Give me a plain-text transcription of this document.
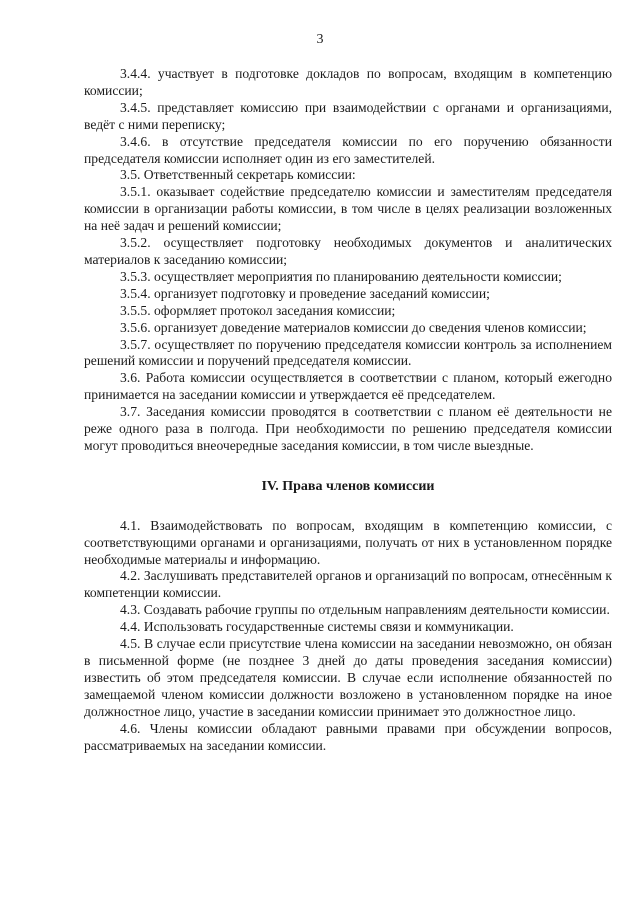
3

3.4.4. участвует в подготовке докладов по вопросам, входящим в компетенцию комиссии;

3.4.5. представляет комиссию при взаимодействии с органами и организациями, ведёт с ними переписку;

3.4.6. в отсутствие председателя комиссии по его поручению обязанности председателя комиссии исполняет один из его заместителей.

3.5. Ответственный секретарь комиссии:

3.5.1. оказывает содействие председателю комиссии и заместителям председателя комиссии в организации работы комиссии, в том числе в целях реализации возложенных на неё задач и решений комиссии;

3.5.2. осуществляет подготовку необходимых документов и аналитических материалов к заседанию комиссии;

3.5.3. осуществляет мероприятия по планированию деятельности комиссии;

3.5.4. организует подготовку и проведение заседаний комиссии;

3.5.5. оформляет протокол заседания комиссии;

3.5.6. организует доведение материалов комиссии до сведения членов комиссии;

3.5.7. осуществляет по поручению председателя комиссии контроль за исполнением решений комиссии и поручений председателя комиссии.

3.6. Работа комиссии осуществляется в соответствии с планом, который ежегодно принимается на заседании комиссии и утверждается её председателем.

3.7. Заседания комиссии проводятся в соответствии с планом её деятельности не реже одного раза в полгода. При необходимости по решению председателя комиссии могут проводиться внеочередные заседания комиссии, в том числе выездные.

IV. Права членов комиссии

4.1. Взаимодействовать по вопросам, входящим в компетенцию комиссии, с соответствующими органами и организациями, получать от них в установленном порядке необходимые материалы и информацию.

4.2. Заслушивать представителей органов и организаций по вопросам, отнесённым к компетенции комиссии.

4.3. Создавать рабочие группы по отдельным направлениям деятельности комиссии.

4.4. Использовать государственные системы связи и коммуникации.

4.5. В случае если присутствие члена комиссии на заседании невозможно, он обязан в письменной форме (не позднее 3 дней до даты проведения заседания комиссии) известить об этом председателя комиссии. В случае если исполнение обязанностей по замещаемой членом комиссии должности возложено в установленном порядке на иное должностное лицо, участие в заседании комиссии принимает это должностное лицо.

4.6. Члены комиссии обладают равными правами при обсуждении вопросов, рассматриваемых на заседании комиссии.
